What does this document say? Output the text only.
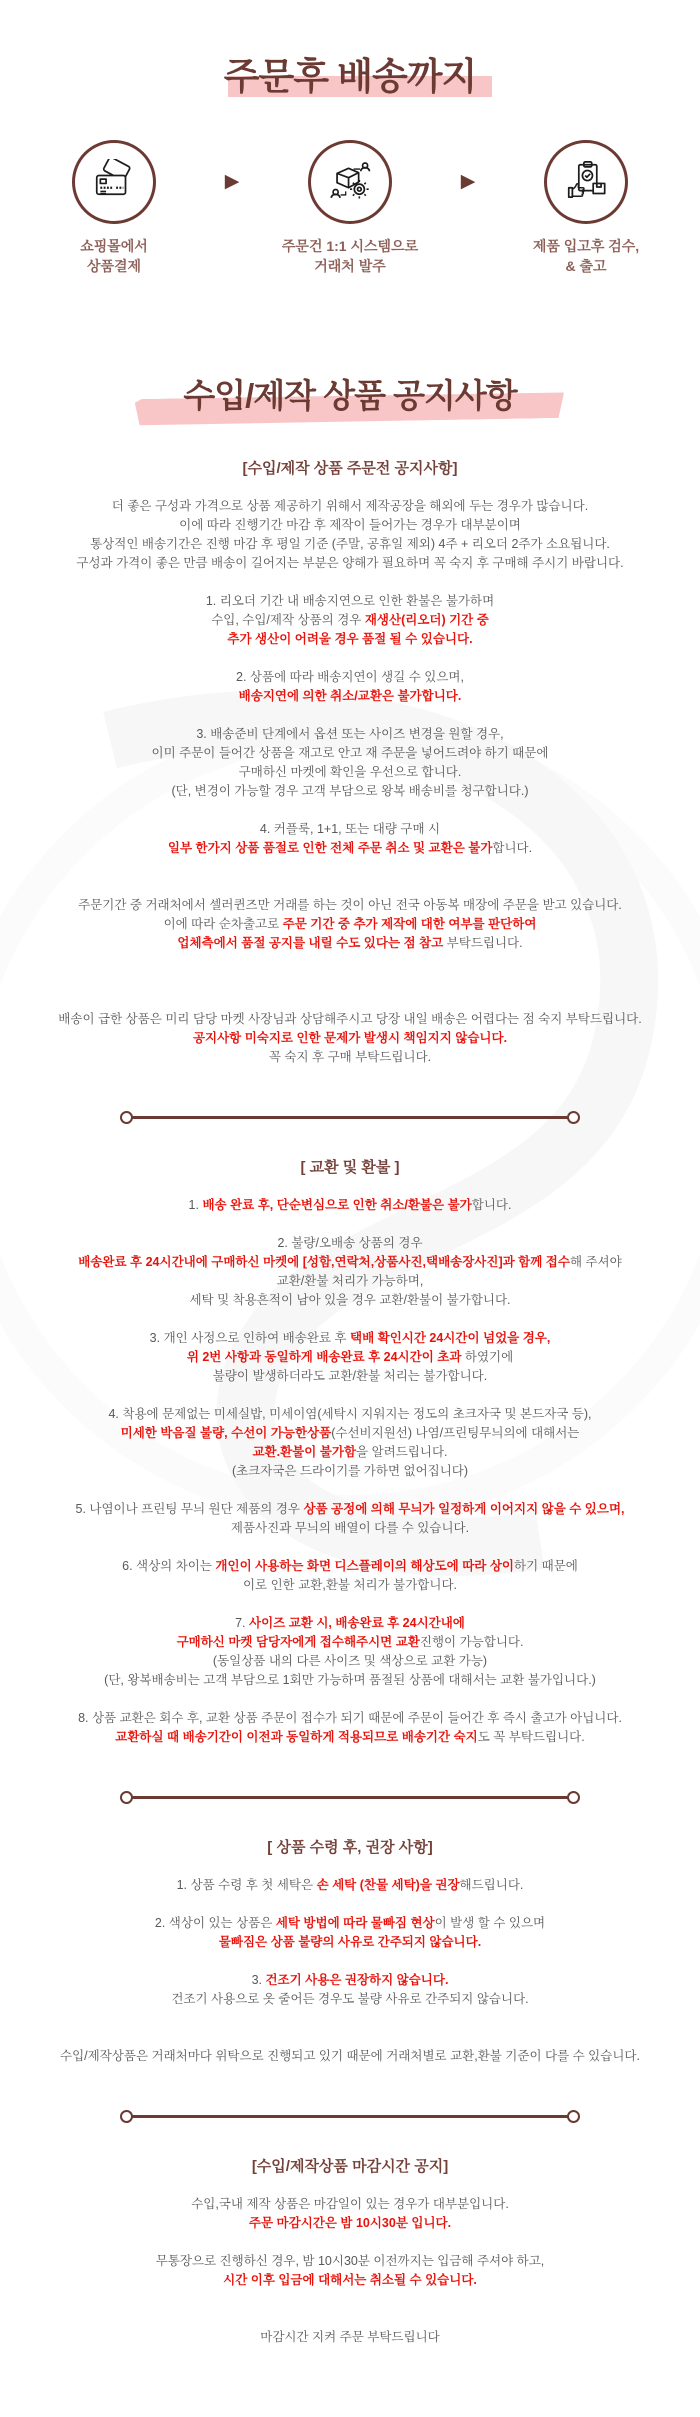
주문후 배송까지
쇼핑몰에서
상품결제
▶
주문건 1:1 시스템으로
거래처 발주
▶
제품 입고후 검수,
& 출고
수입/제작 상품 공지사항
[수입/제작 상품 주문전 공지사항]
더 좋은 구성과 가격으로 상품 제공하기 위해서 제작공장을 해외에 두는 경우가 많습니다.
이에 따라 진행기간 마감 후 제작이 들어가는 경우가 대부분이며
통상적인 배송기간은 진행 마감 후 평일 기준 (주말, 공휴일 제외) 4주 + 리오더 2주가 소요됩니다.
구성과 가격이 좋은 만큼 배송이 길어지는 부분은 양해가 필요하며 꼭 숙지 후 구매해 주시기 바랍니다.
1. 리오더 기간 내 배송지연으로 인한 환불은 불가하며
수입, 수입/제작 상품의 경우 재생산(리오더) 기간 중
추가 생산이 어려울 경우 품절 될 수 있습니다.
2. 상품에 따라 배송지연이 생길 수 있으며,
배송지연에 의한 취소/교환은 불가합니다.
3. 배송준비 단계에서 옵션 또는 사이즈 변경을 원할 경우,
이미 주문이 들어간 상품을 재고로 안고 재 주문을 넣어드려야 하기 때문에
구매하신 마켓에 확인을 우선으로 합니다.
(단, 변경이 가능할 경우 고객 부담으로 왕복 배송비를 청구합니다.)
4. 커플룩, 1+1, 또는 대량 구매 시
일부 한가지 상품 품절로 인한 전체 주문 취소 및 교환은 불가합니다.
주문기간 중 거래처에서 셀러퀸즈만 거래를 하는 것이 아닌 전국 아동복 매장에 주문을 받고 있습니다.
이에 따라 순차출고로 주문 기간 중 추가 제작에 대한 여부를 판단하여
업체측에서 품절 공지를 내릴 수도 있다는 점 참고 부탁드립니다.
배송이 급한 상품은 미리 담당 마켓 사장님과 상담해주시고 당장 내일 배송은 어렵다는 점 숙지 부탁드립니다.
공지사항 미숙지로 인한 문제가 발생시 책임지지 않습니다.
꼭 숙지 후 구매 부탁드립니다.
[ 교환 및 환불 ]
1. 배송 완료 후, 단순변심으로 인한 취소/환불은 불가합니다.
2. 불량/오배송 상품의 경우
배송완료 후 24시간내에 구매하신 마켓에 [성함,연락처,상품사진,택배송장사진]과 함께 접수해 주셔야
교환/환불 처리가 가능하며,
세탁 및 착용흔적이 남아 있을 경우 교환/환불이 불가합니다.
3. 개인 사정으로 인하여 배송완료 후 택배 확인시간 24시간이 넘었을 경우,
위 2번 사항과 동일하게 배송완료 후 24시간이 초과 하였기에
불량이 발생하더라도 교환/환불 처리는 불가합니다.
4. 착용에 문제없는 미세실밥, 미세이염(세탁시 지워지는 정도의 초크자국 및 본드자국 등),
미세한 박음질 불량, 수선이 가능한상품(수선비지원선) 나염/프린팅무늬의에 대해서는
교환.환불이 불가함을 알려드립니다.
(초크자국은 드라이기를 가하면 없어집니다)
5. 나염이나 프린팅 무늬 원단 제품의 경우 상품 공정에 의해 무늬가 일정하게 이어지지 않을 수 있으며,
제품사진과 무늬의 배열이 다를 수 있습니다.
6. 색상의 차이는 개인이 사용하는 화면 디스플레이의 해상도에 따라 상이하기 때문에
이로 인한 교환,환불 처리가 불가합니다.
7. 사이즈 교환 시, 배송완료 후 24시간내에
구매하신 마켓 담당자에게 접수해주시면 교환진행이 가능합니다.
(동일상품 내의 다른 사이즈 및 색상으로 교환 가능)
(단, 왕복배송비는 고객 부담으로 1회만 가능하며 품절된 상품에 대해서는 교환 불가입니다.)
8. 상품 교환은 회수 후, 교환 상품 주문이 접수가 되기 때문에 주문이 들어간 후 즉시 출고가 아닙니다.
교환하실 때 배송기간이 이전과 동일하게 적용되므로 배송기간 숙지도 꼭 부탁드립니다.
[ 상품 수령 후, 권장 사항]
1. 상품 수령 후 첫 세탁은 손 세탁 (찬물 세탁)을 권장해드립니다.
2. 색상이 있는 상품은 세탁 방법에 따라 물빠짐 현상이 발생 할 수 있으며
물빠짐은 상품 불량의 사유로 간주되지 않습니다.
3. 건조기 사용은 권장하지 않습니다.
건조기 사용으로 옷 줄어든 경우도 불량 사유로 간주되지 않습니다.
수입/제작상품은 거래처마다 위탁으로 진행되고 있기 때문에 거래처별로 교환,환불 기준이 다를 수 있습니다.
[수입/제작상품 마감시간 공지]
수입,국내 제작 상품은 마감일이 있는 경우가 대부분입니다.
주문 마감시간은 밤 10시30분 입니다.
무통장으로 진행하신 경우, 밤 10시30분 이전까지는 입금해 주셔야 하고,
시간 이후 입금에 대해서는 취소될 수 있습니다.
마감시간 지켜 주문 부탁드립니다
